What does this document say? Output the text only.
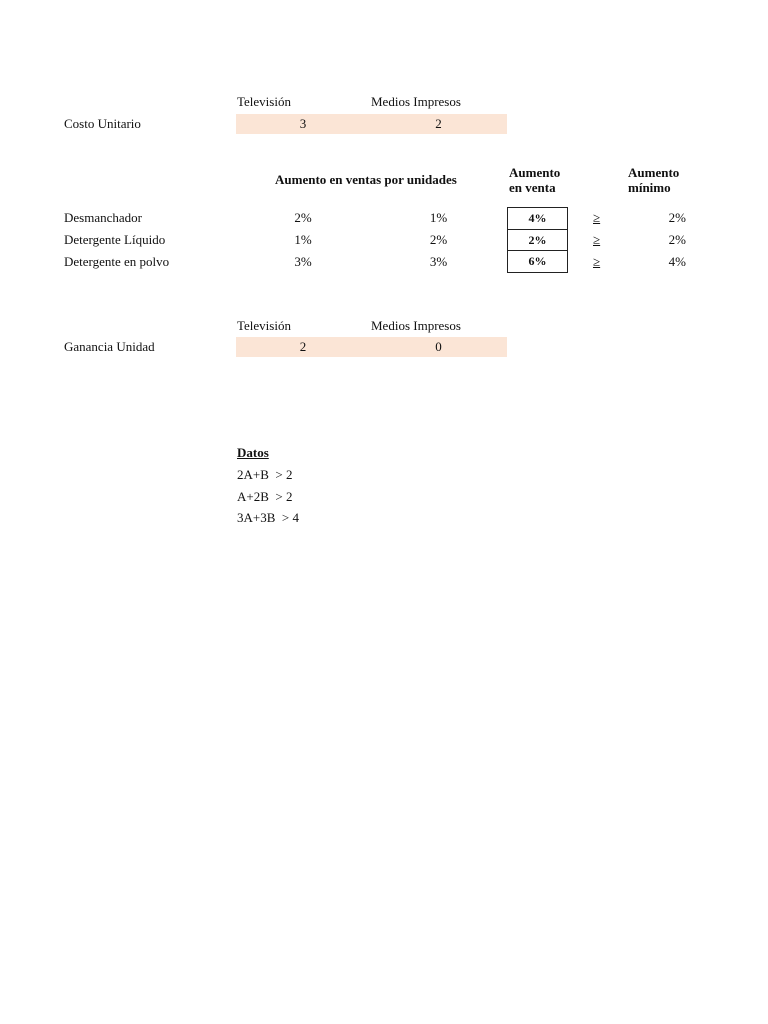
Televisión	Medios Impresos
Costo Unitario	3	2
Aumento en ventas por unidades	Aumento
en venta
Aumento
mínimo
Desmanchador	2%	1%	4%	≥	2%
Detergente Líquido	1%	2%	2%	≥	2%
Detergente en polvo	3%	3%	6%	≥	4%
Televisión	Medios Impresos
Ganancia Unidad	2	0
Datos
2A+B  > 2
A+2B  > 2
3A+3B  > 4
